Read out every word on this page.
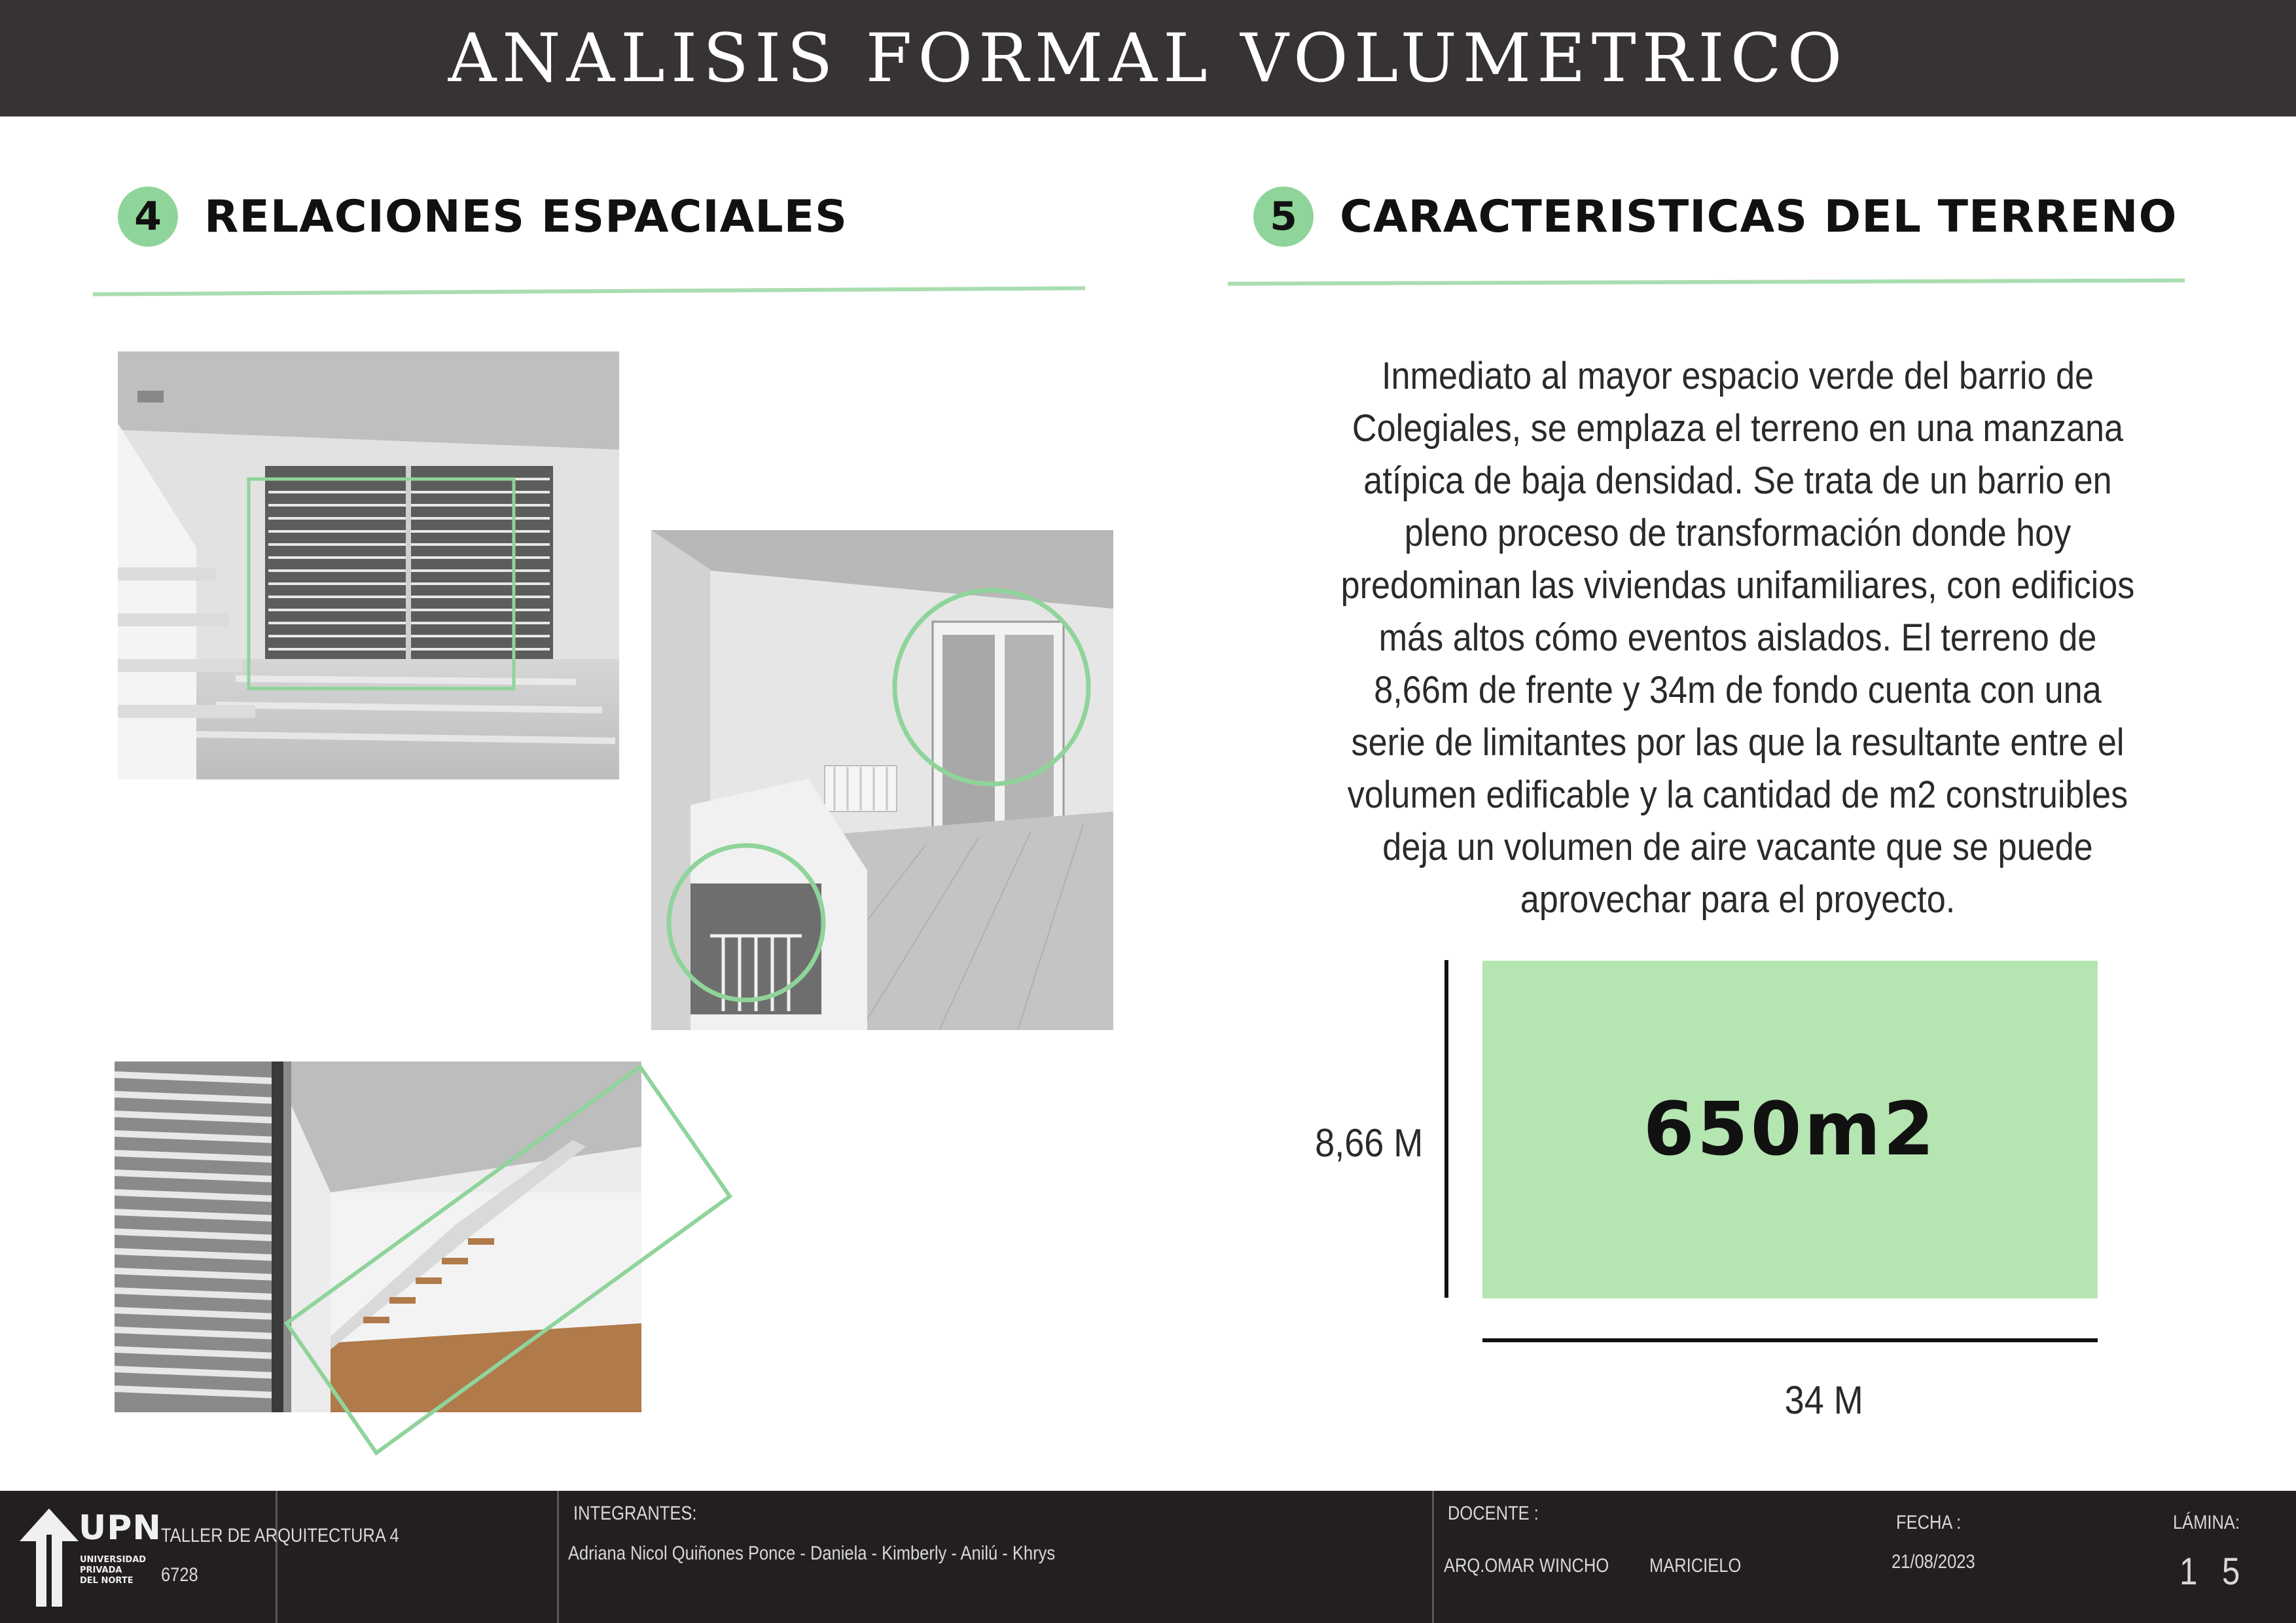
ANALISIS FORMAL VOLUMETRICO
4 RELACIONES ESPACIALES	5 CARACTERISTICAS DEL TERRENO

Inmediato al mayor espacio verde del barrio de Colegiales, se emplaza el terreno en una manzana atípica de baja densidad. Se trata de un barrio en pleno proceso de transformación donde hoy predominan las viviendas unifamiliares, con edificios más altos cómo eventos aislados. El terreno de 8,66m de frente y 34m de fondo cuenta con una serie de limitantes por las que la resultante entre el volumen edificable y la cantidad de m2 construibles deja un volumen de aire vacante que se puede aprovechar para el proyecto.

8,66 M	650m2
34 M
UPN
UNIVERSIDAD
PRIVADA
DEL NORTE
TALLER DE ARQUITECTURA 4
6728
INTEGRANTES:
Adriana Nicol Quiñones Ponce - Daniela - Kimberly - Anilú - Khrys
DOCENTE :
ARQ.OMAR WINCHO MARICIELO
FECHA :
21/08/2023
LÁMINA:
1 5
